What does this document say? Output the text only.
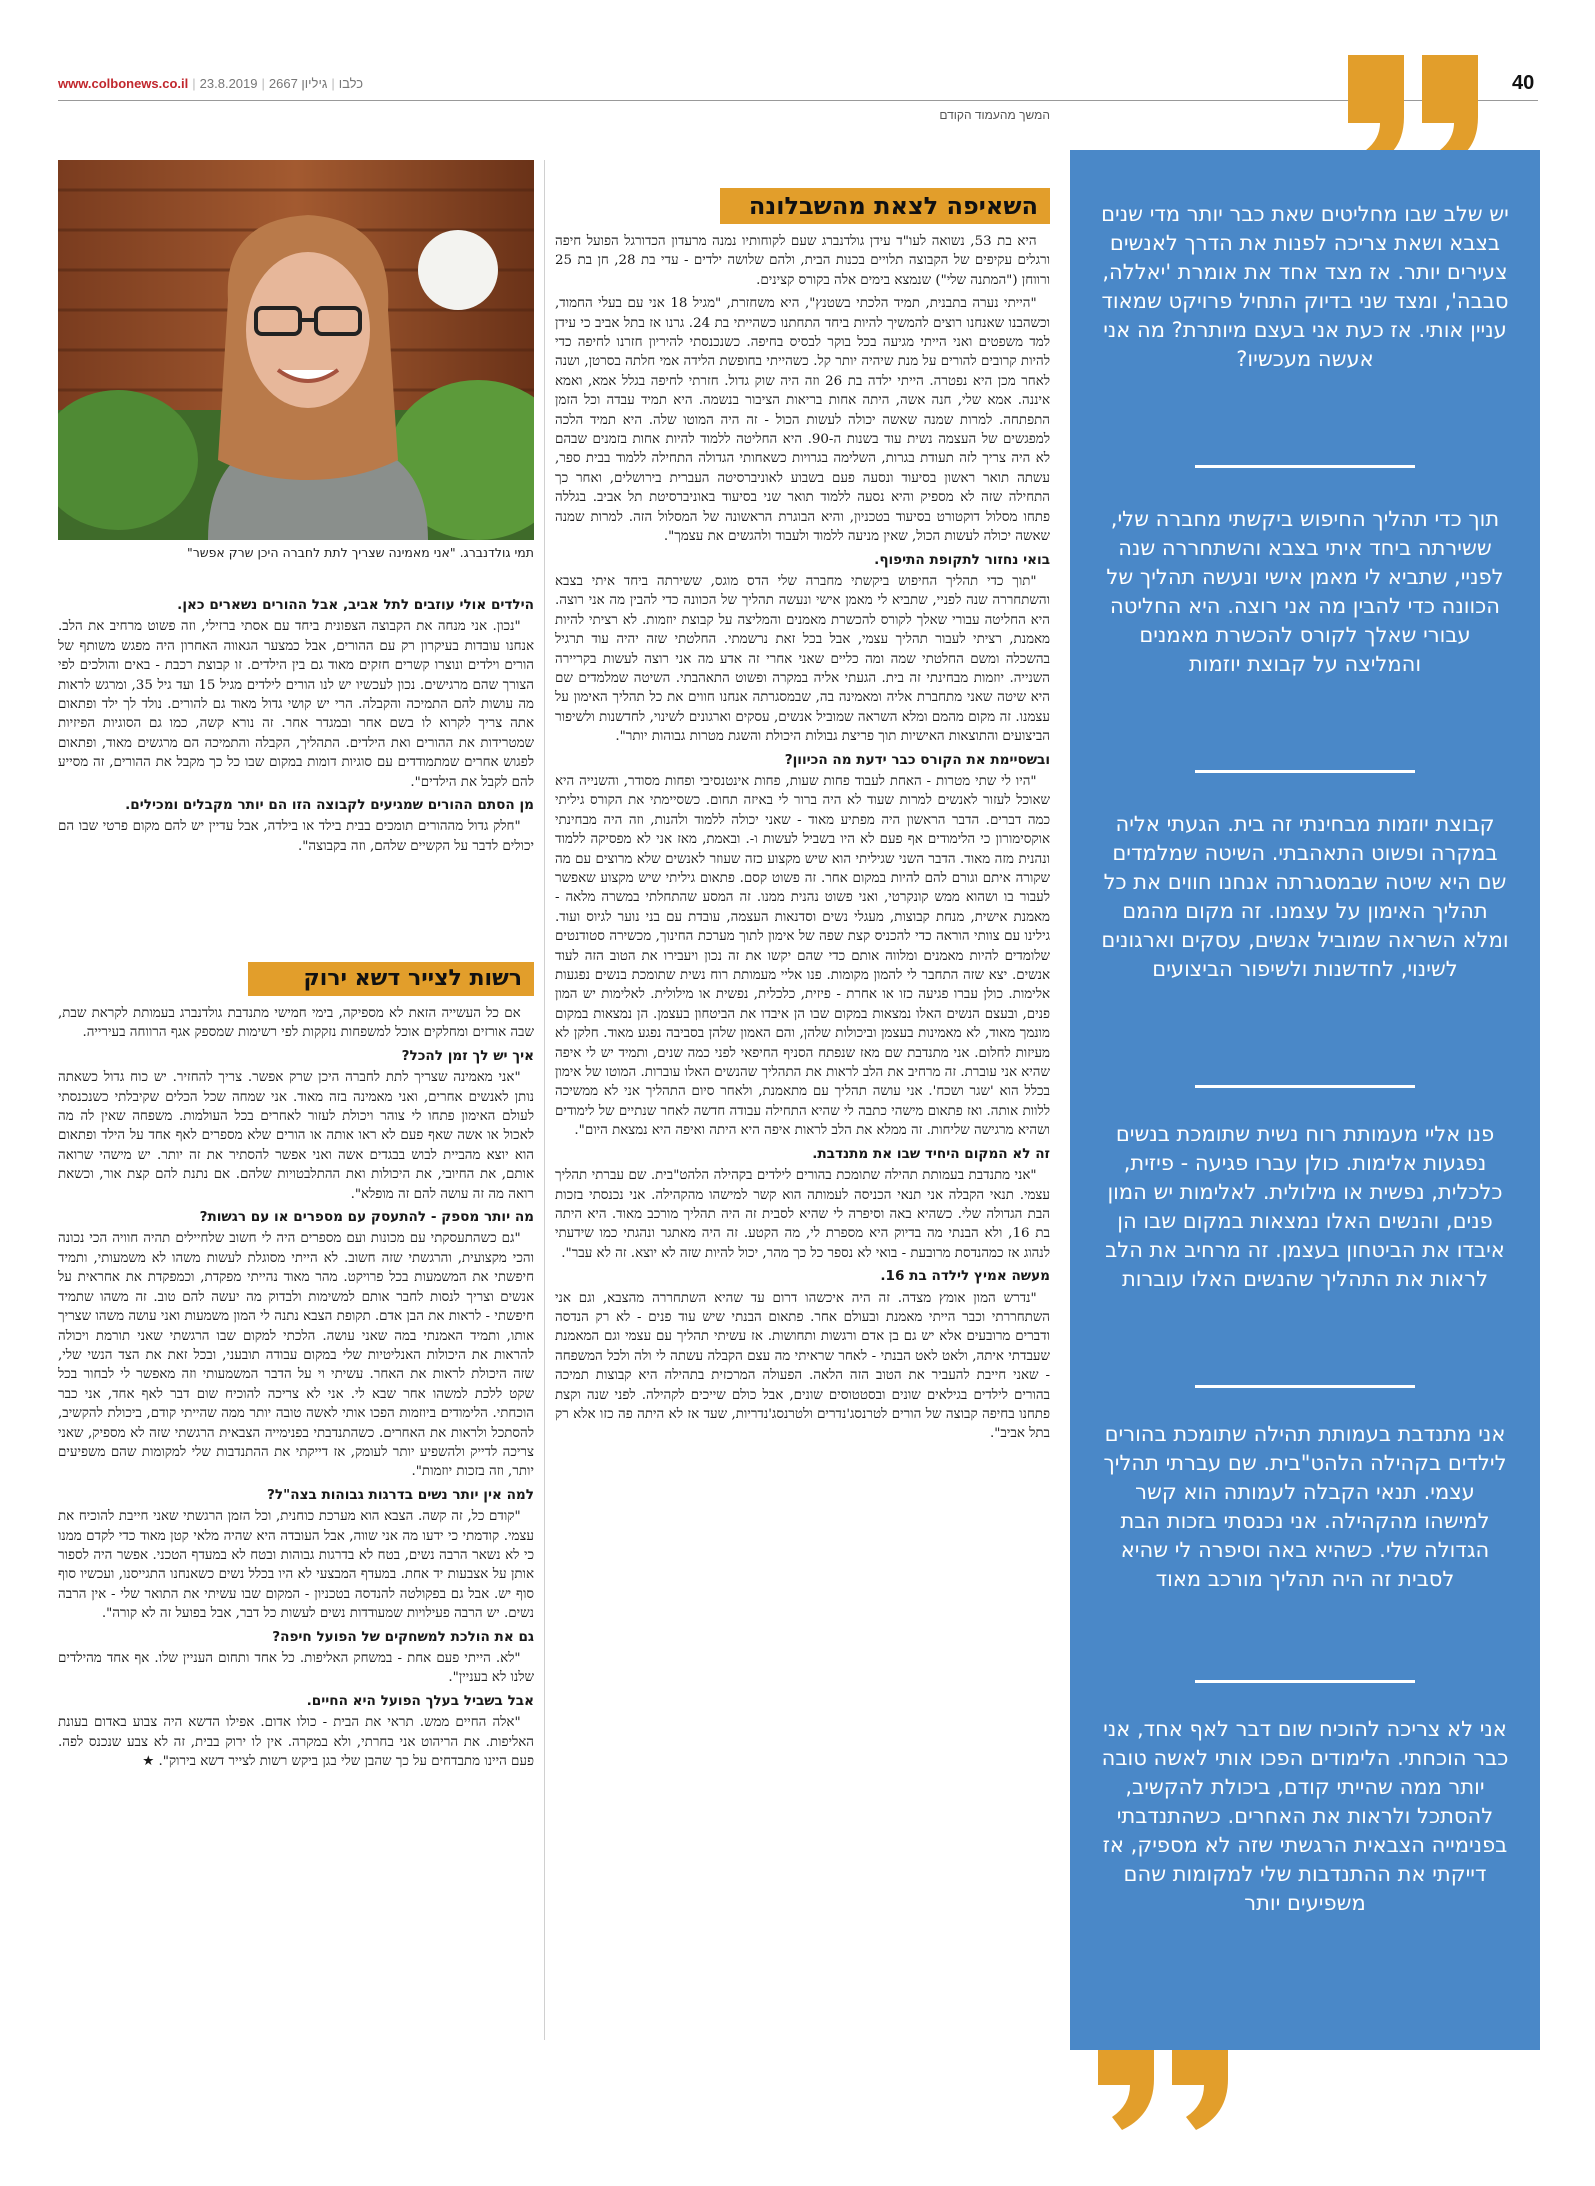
www.colbonews.co.il |	כלבו|גיליון 2667|23.8.2019	40

יש שלב שבו מחליטים שאת כבר יותר מדי שנים בצבא ושאת צריכה לפנות את הדרך לאנשים צעירים יותר. אז מצד אחד את אומרת 'יאללה, סבבה', ומצד שני בדיוק התחיל פרויקט שמאוד עניין אותי. אז כעת אני בעצם מיותרת? מה אני אעשה מעכשיו?

תוך כדי תהליך החיפוש ביקשתי מחברה שלי, ששירתה ביחד איתי בצבא והשתחררה שנה לפניי, שתביא לי מאמן אישי ונעשה תהליך של הכוונה כדי להבין מה אני רוצה. היא החליטה עבורי שאלך לקורס להכשרת מאמנים והמליצה על קבוצת יוזמות

קבוצת יוזמות מבחינתי זה בית. הגעתי אליה במקרה ופשוט התאהבתי. השיטה שמלמדים שם היא שיטה שבמסגרתה אנחנו חווים את כל תהליך האימון על עצמנו. זה מקום מהמם ומלא השראה שמוביל אנשים, עסקים וארגונים לשינוי, לחדשנות ולשיפור הביצועים

פנו אליי מעמותת רוח נשית שתומכת בנשים נפגעות אלימות. כולן עברו פגיעה - פיזית, כלכלית, נפשית או מילולית. לאלימות יש המון פנים, והנשים האלו נמצאות במקום שבו הן איבדו את הביטחון בעצמן. זה מרחיב את הלב לראות את התהליך שהנשים האלו עוברות

אני מתנדבת בעמותת תהילה שתומכת בהורים לילדים בקהילה הלהט"בית. שם עברתי תהליך עצמי. תנאי הקבלה לעמותה הוא קשר למישהו מהקהילה. אני נכנסתי בזכות הבת הגדולה שלי. כשהיא באה וסיפרה לי שהיא לסבית זה היה תהליך מורכב מאוד

אני לא צריכה להוכיח שום דבר לאף אחד, אני כבר הוכחתי. הלימודים הפכו אותי לאשה טובה יותר ממה שהייתי קודם, ביכולת להקשיב, להסתכל ולראות את האחרים. כשהתנדבתי בפנימייה הצבאית הרגשתי שזה לא מספיק, אז דייקתי את ההתנדבות שלי למקומות שהם משפיעים יותר

המשך מהעמוד הקודם
השאיפה לצאת מהשבלונה

היא בת 53, נשואה לעו"ד עידן גולדנברג שעם לקוחותיו נמנה מרעדון הכדורגל הפועל חיפה ורגלים עקיפים של הקבוצה תלויים בכנות הבית, ולהם שלושה ילדים - עדי בת 28, חן בת 25 ורווחן ("המתנה שלי") שנמצא בימים אלה בקורס קצינים.

"הייתי נערה בתבנית, תמיד הלכתי בשטנץ", היא משחזרת, "מגיל 18 אני עם בעלי החמוד, וכשהבנו שאנחנו רוצים להמשיך להיות ביחד התחתנו כשהייתי בת 24. גרנו אז בתל אביב כי עידן למד משפטים ואני הייתי מגיעה בכל בוקר לבסיס בחיפה. כשנכנסתי להיריון חזרנו לחיפה כדי להיות קרובים להורים על מנת שיהיה יותר קל. כשהייתי בחופשת הלידה אמי חלתה בסרטן, ושנה לאחר מכן היא נפטרה. הייתי ילדה בת 26 וזה היה שוק גדול. חזרתי לחיפה בגלל אמא, ואמא איננה. אמא שלי, חנה אשה, היתה אחות בריאות הציבור בנשמה. היא תמיד עבדה וכל הזמן התפתחה. למרות שמנה שאשה יכולה לעשות הכול - זה היה המוטו שלה. היא תמיד הלכה למפגשים של העצמה נשית עוד בשנות ה-90. היא החליטה ללמוד להיות אחות בזמנים שבהם לא היה צריך לזה תעודת בגרות, השלימה בגרויות כשאחותי הגדולה התחילה ללמוד בבית ספר, עשתה תואר ראשון בסיעוד ונסעה פעם בשבוע לאוניברסיטה העברית בירושלים, ואחר כך התחילה שזה לא מספיק והיא נסעה ללמוד תואר שני בסיעוד באוניברסיטת תל אביב. בגללה פתחו מסלול דוקטורט בסיעוד בטכניון, והיא הבוגרת הראשונה של המסלול הזה. למרות שמנה שאשה יכולה לעשות הכול, שאין מניעה ללמוד ולעבוד ולהגשים את עצמך".

בואי נחזור לתקופת התיפוף.

"תוך כדי תהליך החיפוש ביקשתי מחברה שלי הדס מוגס, ששירתה ביחד איתי בצבא והשתחררה שנה לפניי, שתביא לי מאמן אישי ונעשה תהליך של הכוונה כדי להבין מה אני רוצה. היא החליטה עבורי שאלך לקורס להכשרת מאמנים והמליצה על קבוצת יוזמות. לא רציתי להיות מאמנת, רציתי לעבור תהליך עצמי, אבל בכל זאת נרשמתי. החלטתי שזה יהיה עוד תרגיל בהשכלה ומשם החלטתי שמה ומה כליים שאני אחרי זה אדע מה אני רוצה לעשות בקריירה השנייה. יוזמות מבחינתי זה בית. הגעתי אליה במקרה ופשוט התאהבתי. השיטה שמלמדים שם היא שיטה שאני מתחברת אליה ומאמינה בה, שבמסגרתה אנחנו חווים את כל תהליך האימון על עצמנו. זה מקום מהמם ומלא השראה שמוביל אנשים, עסקים וארגונים לשינוי, לחדשנות ולשיפור הביצועים והתוצאות האישיות תוך פריצת גבולות היכולת והשגת מטרות גבוהות יותר".

ובשסיימת את הקורס כבר ידעת מה הכיוון?

"היו לי שתי מטרות - האחת לעבוד פחות שעות, פחות אינטנסיבי ופחות מסודר, והשנייה היא שאוכל לעזור לאנשים למרות שעוד לא היה ברור לי באיזה תחום. כשסיימתי את הקורס גיליתי כמה דברים. הדבר הראשון היה מפתיע מאוד - שאני יכולה ללמוד ולהנות, וזה היה מבחינתי אוקסימורון כי הלימודים אף פעם לא היו בשביל לעשות ו-. ובאמת, מאז אני לא מפסיקה ללמוד ונהנית מזה מאוד. הדבר השני שגיליתי הוא שיש מקצוע כזה שעוזר לאנשים שלא מרוצים עם מה שקורה איתם וגורם להם להיות במקום אחר. זה פשוט קסם. פתאום גיליתי שיש מקצוע שאפשר לעבור בו ושהוא ממש קונקרטי, ואני פשוט נהנית ממנו. זה המסע שהתחלתי במשרה מלאה - מאמנת אישית, מנחת קבוצות, מעגלי נשים וסדנאות העצמה, עובדת עם בני נוער לגיוס ועוד. גילינו עם צוותי הוראה כדי להכניס קצת שפה של אימון לתוך מערכת החינוך, מכשירה סטודנטים שלומדים להיות מאמנים ומלווה אותם כדי שהם יקשו את זה נכון ויעבירו את הטוב הזה לעוד אנשים. יצא שזה התחבר לי להמון מקומות. פנו אליי מעמותת רוח נשית שתומכת בנשים נפגעות אלימות. כולן עברו פגיעה כזו או אחרת - פיזית, כלכלית, נפשית או מילולית. לאלימות יש המון פנים, ובעצם הנשים האלו נמצאות במקום שבו הן איבדו את הביטחון בעצמן. הן נמצאות במקום מונמך מאוד, לא מאמינות בעצמן וביכולות שלהן, והם האמון שלהן בסביבה נפגע מאוד. חלקן לא מעיזות לחלום. אני מתנדבת שם מאז שנפתח הסניף החיפאי לפני כמה שנים, ותמיד יש לי איפה שהיא אני עוברת. זה מרחיב את הלב לראות את התהליך שהנשים האלו עוברות. המוטו של אימון בכלל הוא 'שגר ושכח'. אני עושה תהליך עם מתאמנת, ולאחר סיום התהליך אני לא ממשיכה ללוות אותה. ואז פתאום מישהי כתבה לי שהיא התחילה עבודה חדשה לאחר שנתיים של לימודים ושהיא מרגישה שליחות. זה ממלא את הלב לראות איפה היא היתה ואיפה היא נמצאת היום".

זה לא המקום היחיד שבו את מתנדבת.

"אני מתנדבת בעמותת תהילה שתומכת בהורים לילדים בקהילה הלהט"בית. שם עברתי תהליך עצמי. תנאי הקבלה אני תנאי הכניסה לעמותה הוא קשר למישהו מהקהילה. אני נכנסתי בזכות הבת הגדולה שלי. כשהיא באה וסיפרה לי שהיא לסבית זה היה תהליך מורכב מאוד. היא היתה בת 16, ולא הבנתי מה בדיוק היא מספרת לי, מה הקטע. זה היה מאתגר ונהגתי כמו שידעתי לנהוג אז כמהנדסת מרובעת - בואי לא נספר כל כך מהר, יכול להיות שזה לא יוצא. זה לא עבר".

מעשה אמיץ לילדה בת 16.

"נדרש המון אומץ מצדה. זה היה איכשהו דרום עד שהיא השתחררה מהצבא, וגם אני השתחררתי וכבר הייתי מאמנת ובעולם אחר. פתאום הבנתי שיש עוד פנים - לא רק הנדסה ודברים מרובעים אלא יש גם בן אדם ורגשות ותחושות. אז עשיתי תהליך עם עצמי וגם המאמנת שעבדתי איתה, ולאט לאט הבנתי - לאחר שראיתי מה עצם הקבלה עשתה לי ולה ולכל המשפחה - שאני חייבת להעביר את הטוב הזה הלאה. הפעולה המרכזית בתהילה היא קבוצות תמיכה בהורים לילדים בגילאים שונים ובסטטוסים שונים, אבל כולם שייכים לקהילה. לפני שנה וקצת פתחנו בחיפה קבוצה של הורים לטרנסג'נדרים ולטרנסג'נדריות, שעד אז לא היתה פה כזו אלא רק בתל אביב".

תמי גולדנברג. "אני מאמינה שצריך לתת לחברה היכן שרק אפשר"

הילדים אולי עוזבים לתל אביב, אבל ההורים נשארים כאן.

"נכון. אני מנחה את הקבוצה הצפונית ביחד עם אסתי ברזילי, וזה פשוט מרחיב את הלב. אנחנו עובדות בעיקרון רק עם ההורים, אבל כמצער הגאווה האחרון היה מפגש משותף של הורים וילדים ונוצרו קשרים חזקים מאוד גם בין הילדים. זו קבוצת רכבת - באים והולכים לפי הצורך שהם מרגישים. נכון לעכשיו יש לנו הורים לילדים מגיל 15 ועד גיל 35, ומרגש לראות מה עושות להם התמיכה והקבלה. הרי יש קושי גדול מאוד גם להורים. נולד לך ילד ופתאום אתה צריך לקרוא לו בשם אחר ובמגדר אחר. זה נורא קשה, כמו גם הסוגיות הפיזיות שמטרידות את ההורים ואת הילדים. התהליך, הקבלה והתמיכה הם מרגשים מאוד, ופתאום לפגוש אחרים שמתמודדים עם סוגיות דומות במקום שבו כל כך מקבל את ההורים, זה מסייע להם לקבל את הילדים".

מן הסתם ההורים שמגיעים לקבוצה הזו הם יותר מקבלים ומכילים.

"חלק גדול מההורים תומכים בבית בילד או בילדה, אבל עדיין יש להם מקום פרטי שבו הם יכולים לדבר על הקשיים שלהם, וזה בקבוצה".

רשות לצייר דשא ירוק

אם כל העשייה הזאת לא מספיקה, בימי חמישי מתנדבת גולדנברג בעמותת לקראת שבת, שבה אורזים ומחלקים אוכל למשפחות נזקקות לפי רשימות שמספק אגף הרווחה בעירייה.

איך יש לך זמן להכל?

"אני מאמינה שצריך לתת לחברה היכן שרק אפשר. צריך להחזיר. יש כוח גדול כשאתה נותן לאנשים אחרים, ואני מאמינה בזה מאוד. אני שמחה שכל הכלים שקיבלתי כשנכנסתי לעולם האימון פתחו לי צוהר ויכולת לעזור לאחרים בכל העולמות. משפחה שאין לה מה לאכול או אשה שאף פעם לא ראו אותה או הורים שלא מספרים לאף אחד על הילד ופתאום הוא יוצא מהביית לבוש בבגדים אשה ואני אפשר להסתיר את זה יותר. יש מישהי שרואה אותם, את החיובי, את היכולות ואת ההתלבטויות שלהם. אם נתנת להם קצת אור, וכשאת רואה מה זה עושה להם זה מופלא".

מה יותר מספק - להתעסק עם מספרים או עם רגשות?

"גם כשהתעסקתי עם מכונות ועם מספרים היה לי חשוב שלחיילים תהיה חוויה הכי נכונה והכי מקצועית, והרגשתי שזה חשוב. לא הייתי מסוגלת לעשות משהו לא משמעותי, ותמיד חיפשתי את המשמעות בכל פרויקט. מהר מאוד נהייתי מפקדת, וכמפקדת את אחראית על אנשים וצריך לנסות לחבר אותם למשימות ולבדוק מה יעשה להם טוב. זה משהו שתמיד חיפשתי - לראות את הבן אדם. תקופת הצבא נתנה לי המון משמעות ואני עושה משהו שצריך אותו, ותמיד האמנתי במה שאני עושה. הלכתי למקום שבו הרגשתי שאני תורמת ויכולה להראות את היכולות האנליטיות שלי במקום עבודה תובעני, ובכל זאת את הצד הנשי שלי, שזה היכולת לראות את האחר. עשיתי וי על הדבר המשמעותי וזה מאפשר לי לבחור בכל שקט ללכת למשהו אחר שבא לי. אני לא צריכה להוכיח שום דבר לאף אחד, אני כבר הוכחתי. הלימודים ביוזמות הפכו אותי לאשה טובה יותר ממה שהייתי קודם, ביכולת להקשיב, להסתכל ולראות את האחרים. כשהתנדבתי בפנימייה הצבאית הרגשתי שזה לא מספיק, שאני צריכה לדייק ולהשפיע יותר לעומק, אז דייקתי את ההתנדבות שלי למקומות שהם משפיעים יותר, וזה בזכות יוזמות".

למה אין יותר נשים בדרגות גבוהות בצה"ל?

"קודם כל, זה קשה. הצבא הוא מערכת כוחנית, וכל הזמן הרגשתי שאני חייבת להוכיח את עצמי. קודמתי כי ידעו מה אני שווה, אבל העובדה היא שהיה מלאי קטן מאוד כדי לקדם ממנו כי לא נשאר הרבה נשים, בטח לא בדרגות גבוהות ובטח לא במעדף הטכני. אפשר היה לספור אותן על אצבעות יד אחת. במעדף המבצעי לא היו בכלל נשים כשאנחנו התגייסנו, ועכשיו סוף סוף יש. אבל גם בפקולטה להנדסה בטכניון - המקום שבו עשיתי את התואר שלי - אין הרבה נשים. יש הרבה פעילויות שמעודדות נשים לעשות כל דבר, אבל בפועל זה לא קורה".

גם את הולכת למשחקים של הפועל חיפה?

"לא. הייתי פעם אחת - במשחק האליפות. כל אחד ותחום העניין שלו. אף אחד מהילדים שלנו לא בעניין".

אבל בשביל בעלך הפועל היא החיים.

"אלה החיים ממש. תראי את הבית - כולו אדום. אפילו הדשא היה צבוע באדום בעונת האליפות. את הריהוט אני בחרתי, ולא במקרה. אין לו ירוק בבית, זה לא צבע שנכנס לפה. פעם היינו מתבדחים על כך שהבן שלי בגן ביקש רשות לצייר דשא בירוק". ★
